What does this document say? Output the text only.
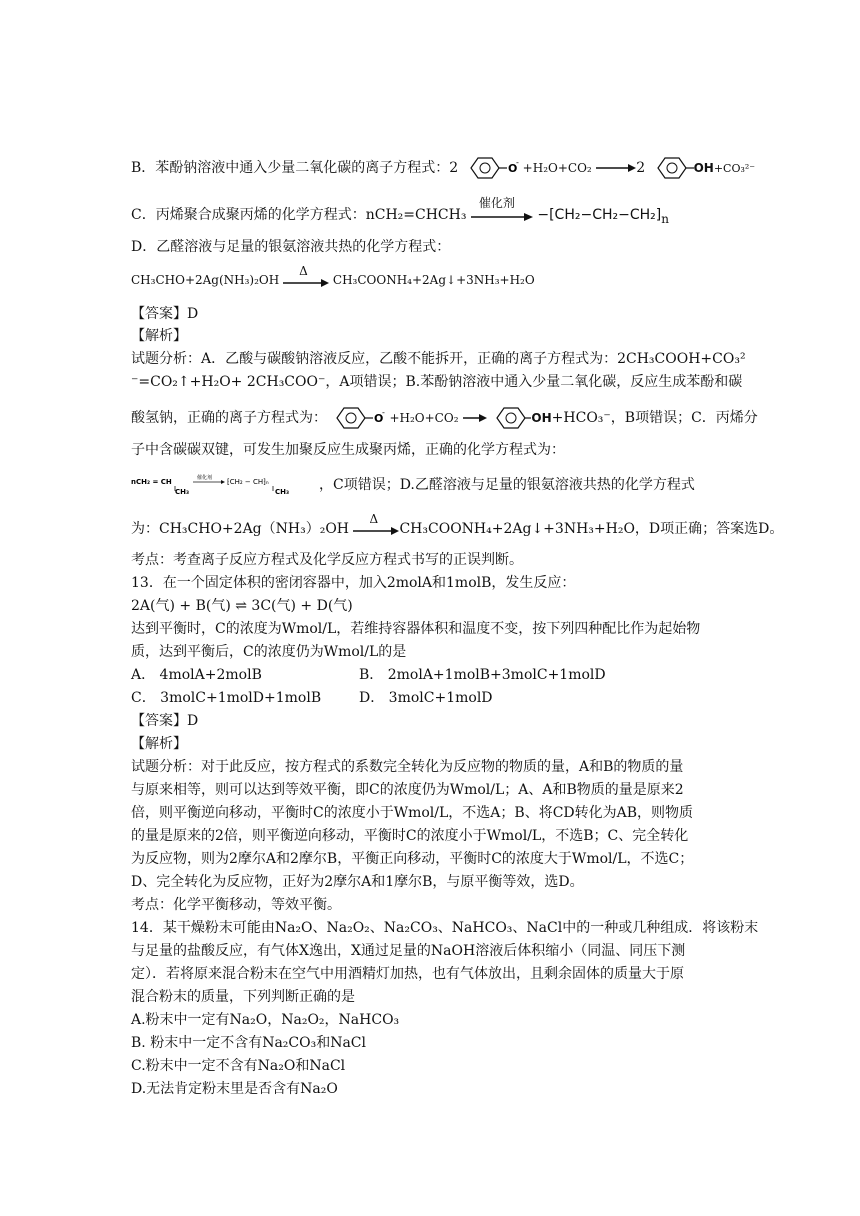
B．苯酚钠溶液中通入少量二氧化碳的离子方程式：2	O
- +H₂O+CO₂ →2	OH+CO₃²⁻
C．丙烯聚合成聚丙烯的化学方程式：nCH₂=CHCH₃
催化剂
$-[CH_2-CH_2-CH_2]_n$
D．乙醛溶液与足量的银氨溶液共热的化学方程式：
CH₃CHO+2Ag(NH₃)₂OH
Δ
CH₃COONH₄+2Ag↓+3NH₃+H₂O
【答案】D
【解析】
试题分析：A．乙酸与碳酸钠溶液反应，乙酸不能拆开，正确的离子方程式为：2CH₃COOH+CO₃²
⁻=CO₂↑+H₂O+ 2CH₃COO⁻，A项错误；B.苯酚钠溶液中通入少量二氧化碳，反应生成苯酚和碳
酸氢钠，正确的离子方程式为：	O
- +H₂O+CO₂ →	OH+HCO₃⁻，B项错误；C．丙烯分
子中含碳碳双键，可发生加聚反应生成聚丙烯，正确的化学方程式为：
nCH₂ = CH
CH₃
催化剂 ⁅CH₂ − CH⁆ₙ
CH₃ ，C项错误；D.乙醛溶液与足量的银氨溶液共热的化学方程式
为：CH₃CHO+2Ag（NH₃）₂OH
Δ
CH₃COONH₄+2Ag↓+3NH₃+H₂O，D项正确；答案选D。
考点：考查离子反应方程式及化学反应方程式书写的正误判断。
13．在一个固定体积的密闭容器中，加入2molA和1molB，发生反应：
2A(气) + B(气) ⇌ 3C(气) + D(气)
达到平衡时，C的浓度为Wmol/L，若维持容器体积和温度不变，按下列四种配比作为起始物
质，达到平衡后，C的浓度仍为Wmol/L的是
A． 4molA+2molB	B． 2molA+1molB+3molC+1molD
C． 3molC+1molD+1molB	D． 3molC+1molD
【答案】D
【解析】
试题分析：对于此反应，按方程式的系数完全转化为反应物的物质的量，A和B的物质的量
与原来相等，则可以达到等效平衡，即C的浓度仍为Wmol/L；A、A和B物质的量是原来2
倍，则平衡逆向移动，平衡时C的浓度小于Wmol/L，不选A；B、将CD转化为AB，则物质
的量是原来的2倍，则平衡逆向移动，平衡时C的浓度小于Wmol/L，不选B；C、完全转化
为反应物，则为2摩尔A和2摩尔B，平衡正向移动，平衡时C的浓度大于Wmol/L，不选C；
D、完全转化为反应物，正好为2摩尔A和1摩尔B，与原平衡等效，选D。
考点：化学平衡移动，等效平衡。
14．某干燥粉末可能由Na₂O、Na₂O₂、Na₂CO₃、NaHCO₃、NaCl中的一种或几种组成．将该粉末
与足量的盐酸反应，有气体X逸出，X通过足量的NaOH溶液后体积缩小（同温、同压下测
定）．若将原来混合粉末在空气中用酒精灯加热，也有气体放出，且剩余固体的质量大于原
混合粉末的质量，下列判断正确的是
A.粉末中一定有Na₂O，Na₂O₂，NaHCO₃
B. 粉末中一定不含有Na₂CO₃和NaCl
C.粉末中一定不含有Na₂O和NaCl
D.无法肯定粉末里是否含有Na₂O
